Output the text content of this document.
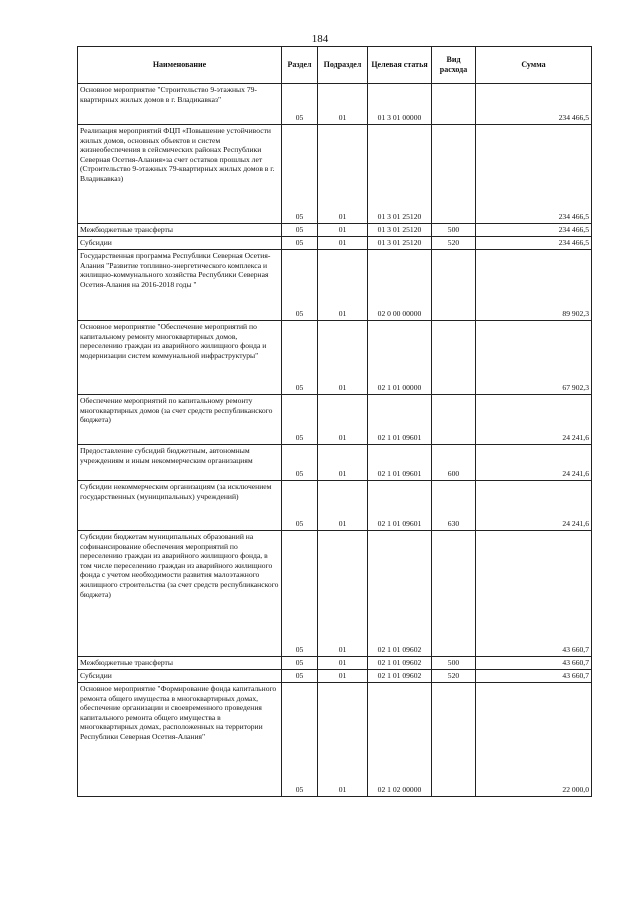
184
Наименование	Раздел	Подраздел	Целевая статья	Вид расхода	Сумма
Основное мероприятие "Строительство 9-этажных 79-квартирных жилых домов в г. Владикавказ"	05	01	01 3 01 00000		234 466,5
Реализация мероприятий ФЦП «Повышение устойчивости жилых домов, основных объектов и систем жизнеобеспечения в сейсмических районах Республики Северная Осетия-Алания»за счет остатков прошлых лет (Строительство 9-этажных 79-квартирных жилых домов в г. Владикавказ)	05	01	01 3 01 25120		234 466,5
Межбюджетные трансферты	05	01	01 3 01 25120	500	234 466,5
Субсидии	05	01	01 3 01 25120	520	234 466,5
Государственная программа Республики Северная Осетия-Алания "Развитие топливно-энергетического комплекса и жилищно-коммунального хозяйства Республики Северная Осетия-Алания на 2016-2018 годы "	05	01	02 0 00 00000		89 902,3
Основное мероприятие "Обеспечение мероприятий по капитальному ремонту многоквартирных домов, переселению граждан из аварийного жилищного фонда и модернизации систем коммунальной инфраструктуры"	05	01	02 1 01 00000		67 902,3
Обеспечение мероприятий по капитальному ремонту многоквартирных домов (за счет средств республиканского бюджета)	05	01	02 1 01 09601		24 241,6
Предоставление субсидий бюджетным, автономным учреждениям и иным некоммерческим организациям	05	01	02 1 01 09601	600	24 241,6
Субсидии некоммерческим организациям (за исключением государственных (муниципальных) учреждений)	05	01	02 1 01 09601	630	24 241,6
Субсидии бюджетам муниципальных образований на софинансирование обеспечения мероприятий по переселению граждан из аварийного жилищного фонда, в том числе переселению граждан из аварийного жилищного фонда с учетом необходимости развития малоэтажного жилищного строительства (за счет средств республиканского бюджета)	05	01	02 1 01 09602		43 660,7
Межбюджетные трансферты	05	01	02 1 01 09602	500	43 660,7
Субсидии	05	01	02 1 01 09602	520	43 660,7
Основное мероприятие "Формирование фонда капитального ремонта общего имущества в многоквартирных домах, обеспечение организации и своевременного проведения капитального ремонта общего имущества в многоквартирных домах, расположенных на территории Республики Северная Осетия-Алания"	05	01	02 1 02 00000		22 000,0
